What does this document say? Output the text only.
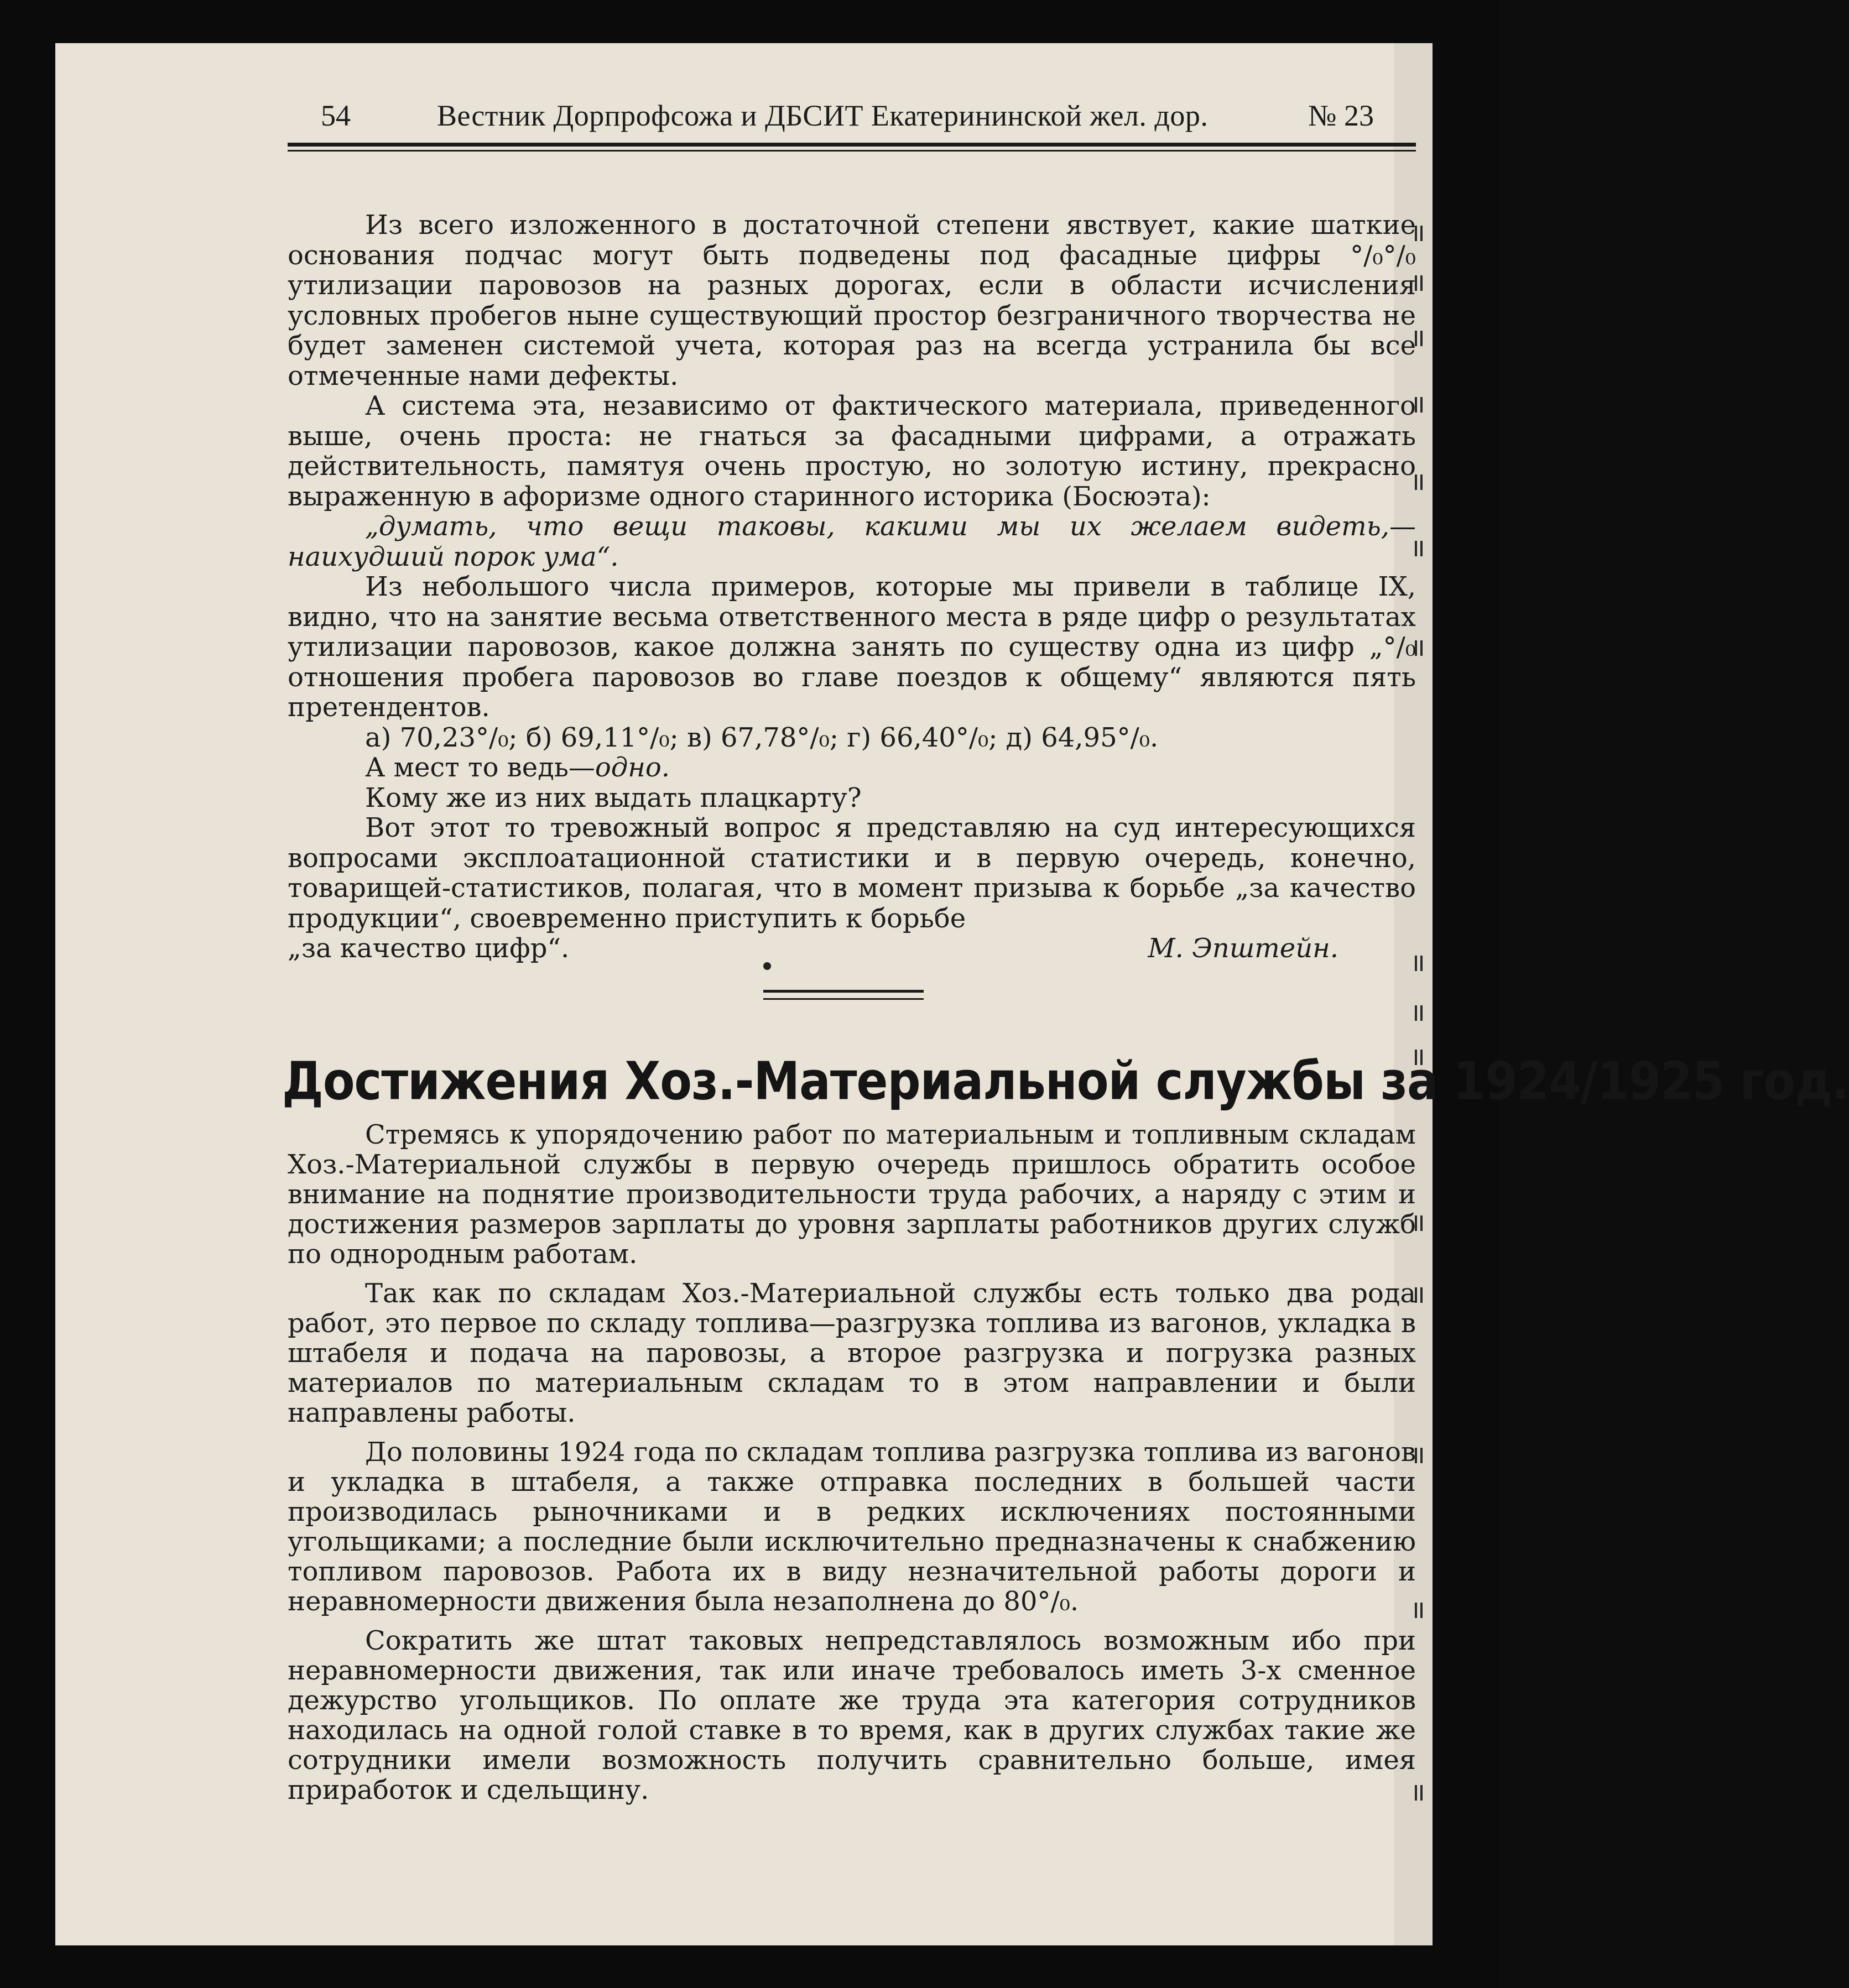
54	Вестник Дорпрофсожа и ДБСИТ Екатерининской жел. дор.	№ 23

Из всего изложенного в достаточной степени явствует, какие шаткие основания подчас могут быть подведены под фасадные цифры °/₀°/₀ утилизации паровозов на разных дорогах, если в области исчисления условных пробегов ныне существующий простор безграничного творчества не будет заменен системой учета, которая раз на всегда устранила бы все отмеченные нами дефекты.

А система эта, независимо от фактического материала, приведенного выше, очень проста: не гнаться за фасадными цифрами, а отражать действительность, памятуя очень простую, но золотую истину, прекрасно выраженную в афоризме одного старинного историка (Босюэта):

„думать, что вещи таковы, какими мы их желаем видеть,— наихудший порок ума“.

Из небольшого числа примеров, которые мы привели в таблице IX, видно, что на занятие весьма ответственного места в ряде цифр о результатах утилизации паровозов, какое должна занять по существу одна из цифр „°/₀ отношения пробега паровозов во главе поездов к общему“ являются пять претендентов.

а) 70,23°/₀; б) 69,11°/₀; в) 67,78°/₀; г) 66,40°/₀; д) 64,95°/₀.

А мест то ведь—одно.

Кому же из них выдать плацкарту?

Вот этот то тревожный вопрос я представляю на суд интересующихся вопросами эксплоатационной статистики и в первую очередь, конечно, товарищей-статистиков, полагая, что в момент призыва к борьбе „за качество продукции“, своевременно приступить к борьбе

„за качество цифр“.	М. Эпштейн.
Достижения Хоз.-Материальной службы за 1924/1925 год.

Стремясь к упорядочению работ по материальным и топливным складам Хоз.-Материальной службы в первую очередь пришлось обратить особое внимание на поднятие производительности труда рабочих, а наряду с этим и достижения размеров зарплаты до уровня зарплаты работников других служб по однородным работам.

Так как по складам Хоз.-Материальной службы есть только два рода работ, это первое по складу топлива—разгрузка топлива из вагонов, укладка в штабеля и подача на паровозы, а второе разгрузка и погрузка разных материалов по материальным складам то в этом направлении и были направлены работы.

До половины 1924 года по складам топлива разгрузка топлива из вагонов и укладка в штабеля, а также отправка последних в большей части производилась рыночниками и в редких исключениях постоянными угольщиками; а последние были исключительно предназначены к снабжению топливом паровозов. Работа их в виду незначительной работы дороги и неравномерности движения была незаполнена до 80°/₀.

Сократить же штат таковых непредставлялось возможным ибо при неравномерности движения, так или иначе требовалось иметь 3-х сменное дежурство угольщиков. По оплате же труда эта категория сотрудников находилась на одной голой ставке в то время, как в других службах такие же сотрудники имели возможность получить сравнительно больше, имея приработок и сдельщину.
